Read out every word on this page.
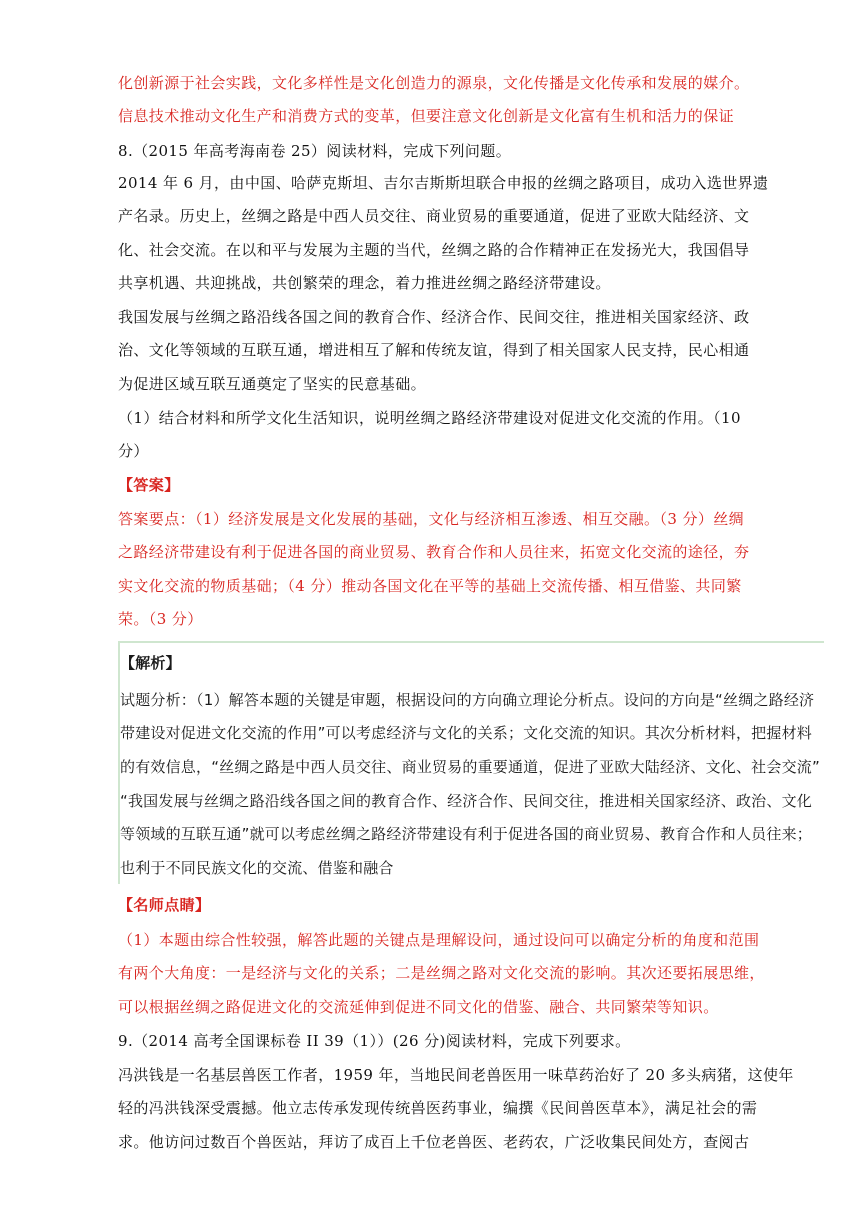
化创新源于社会实践，文化多样性是文化创造力的源泉，文化传播是文化传承和发展的媒介。

信息技术推动文化生产和消费方式的变革，但要注意文化创新是文化富有生机和活力的保证

8.（2015 年高考海南卷 25）阅读材料，完成下列问题。

2014 年 6 月，由中国、哈萨克斯坦、吉尔吉斯斯坦联合申报的丝绸之路项目，成功入选世界遗

产名录。历史上，丝绸之路是中西人员交往、商业贸易的重要通道，促进了亚欧大陆经济、文

化、社会交流。在以和平与发展为主题的当代，丝绸之路的合作精神正在发扬光大，我国倡导

共享机遇、共迎挑战，共创繁荣的理念，着力推进丝绸之路经济带建设。

我国发展与丝绸之路沿线各国之间的教育合作、经济合作、民间交往，推进相关国家经济、政

治、文化等领域的互联互通，增进相互了解和传统友谊，得到了相关国家人民支持，民心相通

为促进区域互联互通奠定了坚实的民意基础。

（1）结合材料和所学文化生活知识，说明丝绸之路经济带建设对促进文化交流的作用。（10

分）

【答案】

答案要点：（1）经济发展是文化发展的基础，文化与经济相互渗透、相互交融。（3 分）丝绸

之路经济带建设有利于促进各国的商业贸易、教育合作和人员往来，拓宽文化交流的途径，夯

实文化交流的物质基础；（4 分）推动各国文化在平等的基础上交流传播、相互借鉴、共同繁

荣。（3 分）

【解析】

试题分析：（1）解答本题的关键是审题，根据设问的方向确立理论分析点。设问的方向是“丝绸之路经济

带建设对促进文化交流的作用”可以考虑经济与文化的关系；文化交流的知识。其次分析材料，把握材料

的有效信息，“丝绸之路是中西人员交往、商业贸易的重要通道，促进了亚欧大陆经济、文化、社会交流”

“我国发展与丝绸之路沿线各国之间的教育合作、经济合作、民间交往，推进相关国家经济、政治、文化

等领域的互联互通”就可以考虑丝绸之路经济带建设有利于促进各国的商业贸易、教育合作和人员往来；

也利于不同民族文化的交流、借鉴和融合

【名师点睛】

（1）本题由综合性较强，解答此题的关键点是理解设问，通过设问可以确定分析的角度和范围

有两个大角度：一是经济与文化的关系；二是丝绸之路对文化交流的影响。其次还要拓展思维，

可以根据丝绸之路促进文化的交流延伸到促进不同文化的借鉴、融合、共同繁荣等知识。

9.（2014 高考全国课标卷 II 39（1））(26 分)阅读材料，完成下列要求。

冯洪钱是一名基层兽医工作者，1959 年，当地民间老兽医用一味草药治好了 20 多头病猪，这使年

轻的冯洪钱深受震撼。他立志传承发现传统兽医药事业，编撰《民间兽医草本》，满足社会的需

求。他访问过数百个兽医站，拜访了成百上千位老兽医、老药农，广泛收集民间处方，查阅古
